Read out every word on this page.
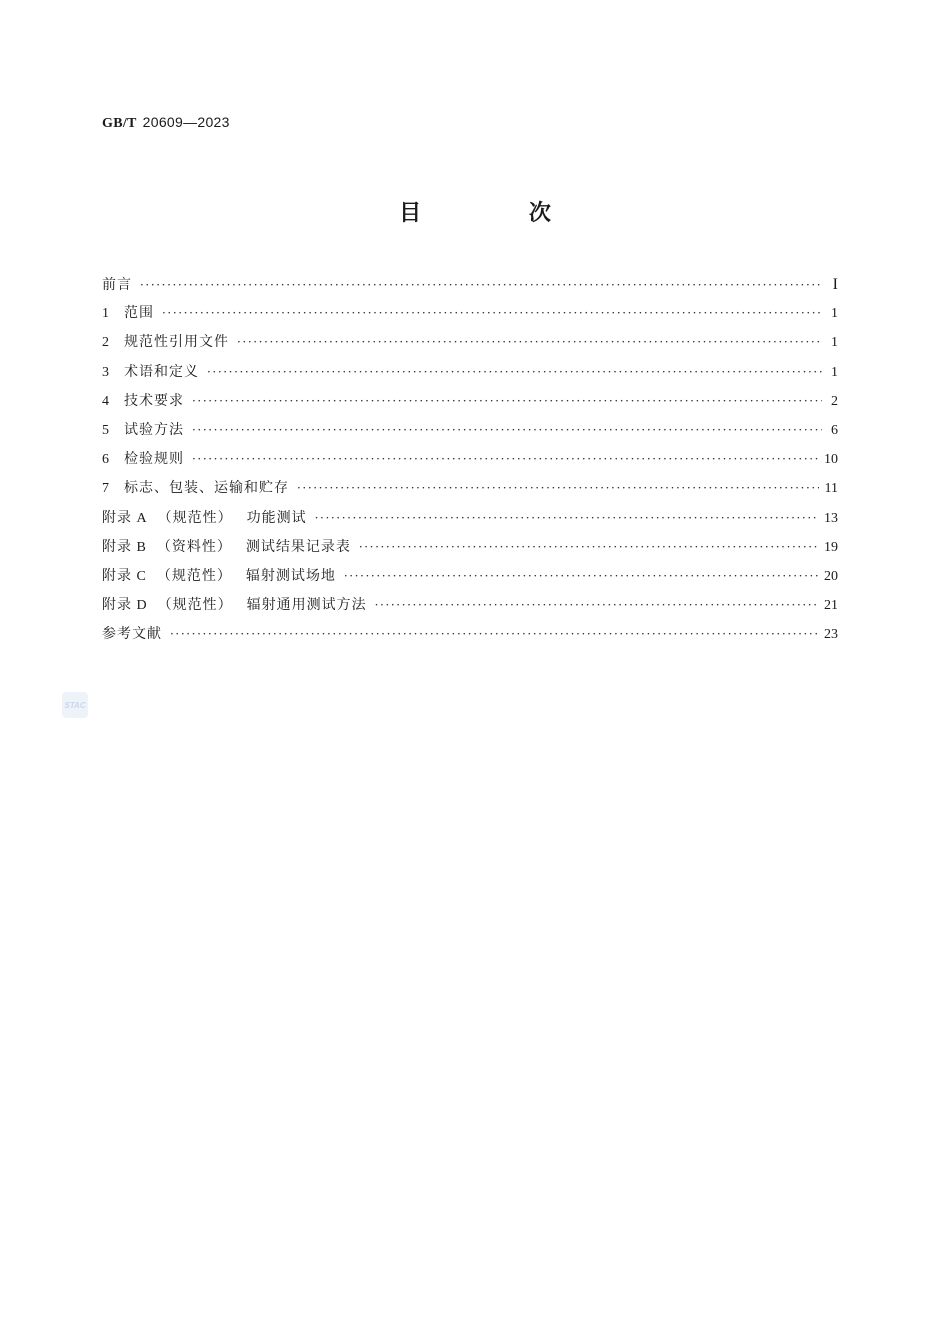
GB/T 20609—2023
目 次
前言 ·····	I
1 范围 ·····	1
2 规范性引用文件 ·····	1
3 术语和定义 ·····	1
4 技术要求 ·····	2
5 试验方法 ·····	6
6 检验规则 ·····	10
7 标志、包装、运输和贮存 ·····	11
附录 A （规范性） 功能测试 ·····	13
附录 B （资料性） 测试结果记录表 ·····	19
附录 C （规范性） 辐射测试场地 ·····	20
附录 D （规范性） 辐射通用测试方法 ·····	21
参考文献 ·····	23
STAC
